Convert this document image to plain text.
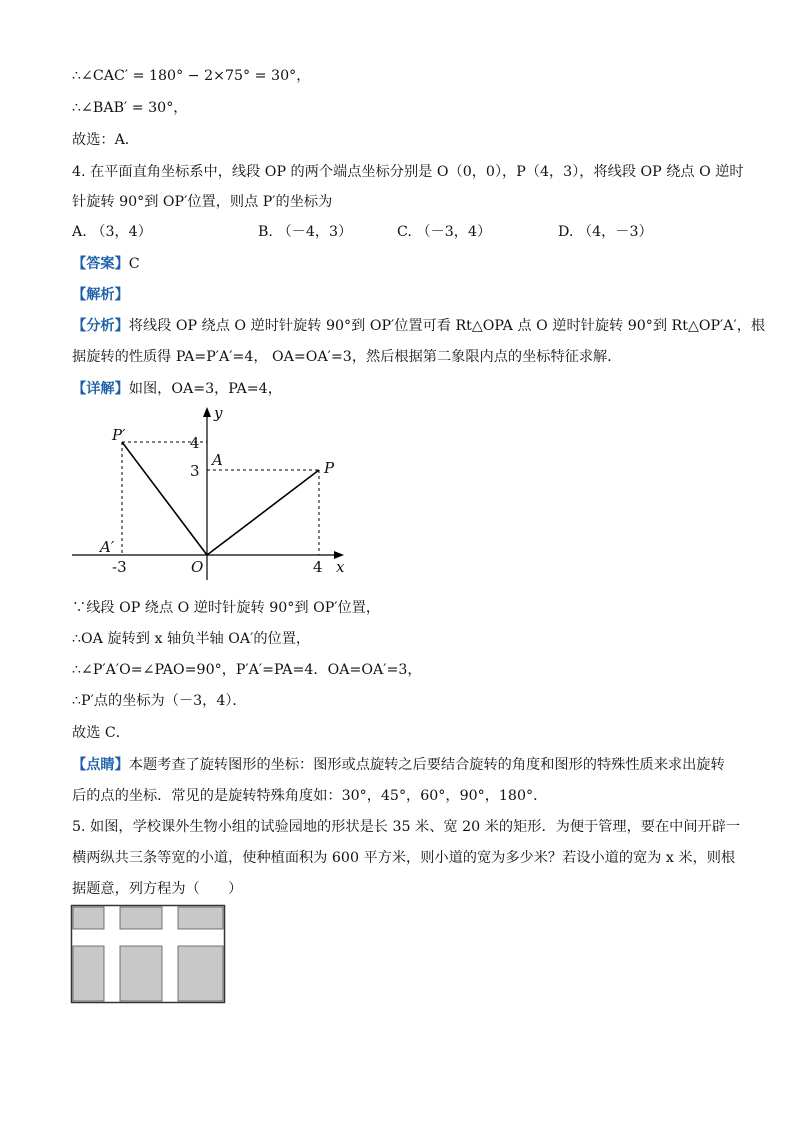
∴∠CAC′ = 180° − 2×75° = 30°，
∴∠BAB′ = 30°，
故选：A．
4. 在平面直角坐标系中，线段 OP 的两个端点坐标分别是 O（0，0），P（4，3），将线段 OP 绕点 O 逆时
针旋转 90°到 OP′位置，则点 P′的坐标为
A. （3，4）	B. （－4，3）	C. （－3，4）	D. （4，－3）
【答案】C
【解析】
【分析】将线段 OP 绕点 O 逆时针旋转 90°到 OP′位置可看 Rt△OPA 点 O 逆时针旋转 90°到 Rt△OP′A′，根
据旋转的性质得 PA=P′A′=4， OA=OA′=3，然后根据第二象限内点的坐标特征求解．
【详解】如图，OA=3，PA=4，
y
x
O
P
P′
A
A′
4
3
-3	4
∵线段 OP 绕点 O 逆时针旋转 90°到 OP′位置，
∴OA 旋转到 x 轴负半轴 OA′的位置，
∴∠P′A′O=∠PAO=90°，P′A′=PA=4．OA=OA′=3，
∴P′点的坐标为（－3，4）．
故选 C．
【点睛】本题考查了旋转图形的坐标：图形或点旋转之后要结合旋转的角度和图形的特殊性质来求出旋转
后的点的坐标．常见的是旋转特殊角度如：30°，45°，60°，90°，180°．
5. 如图，学校课外生物小组的试验园地的形状是长 35 米、宽 20 米的矩形．为便于管理，要在中间开辟一
横两纵共三条等宽的小道，使种植面积为 600 平方米，则小道的宽为多少米？若设小道的宽为 x 米，则根
据题意，列方程为（　　）
